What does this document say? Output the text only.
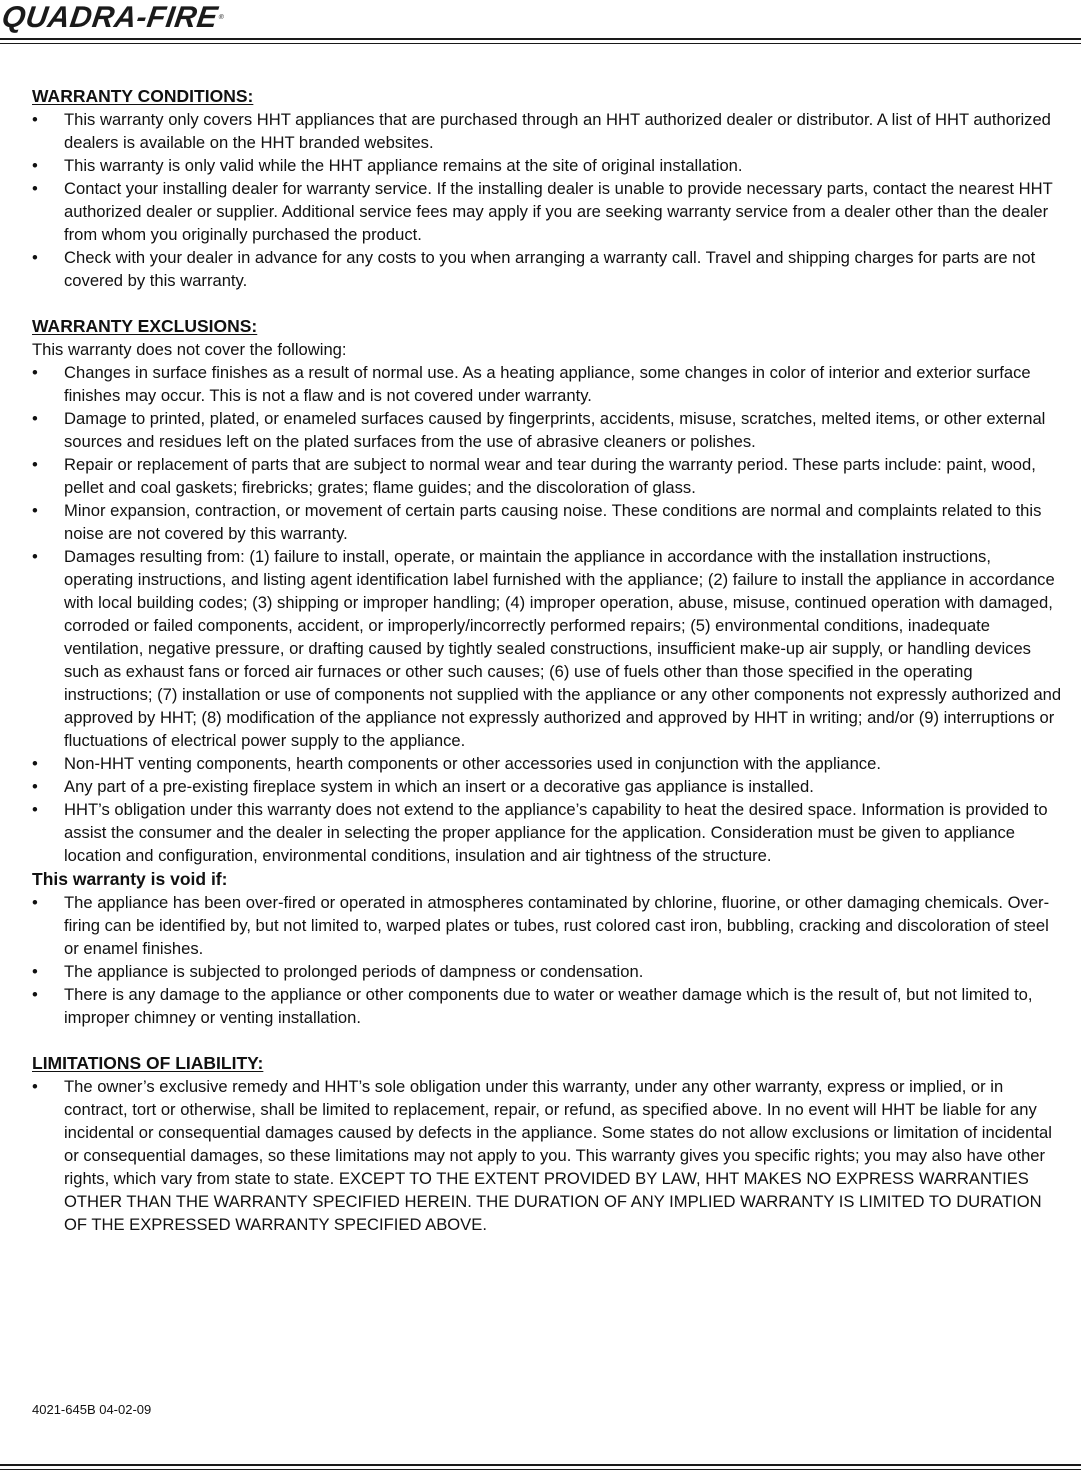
QUADRA-FIRE®
WARRANTY CONDITIONS:
• This warranty only covers HHT appliances that are purchased through an HHT authorized dealer or distributor. A list of HHT authorized dealers is available on the HHT branded websites.
• This warranty is only valid while the HHT appliance remains at the site of original installation.
• Contact your installing dealer for warranty service. If the installing dealer is unable to provide necessary parts, contact the nearest HHT authorized dealer or supplier. Additional service fees may apply if you are seeking warranty service from a dealer other than the dealer from whom you originally purchased the product.
• Check with your dealer in advance for any costs to you when arranging a warranty call. Travel and shipping charges for parts are not covered by this warranty.
WARRANTY EXCLUSIONS:

This warranty does not cover the following:

• Changes in surface finishes as a result of normal use. As a heating appliance, some changes in color of interior and exterior surface finishes may occur. This is not a flaw and is not covered under warranty.
• Damage to printed, plated, or enameled surfaces caused by fingerprints, accidents, misuse, scratches, melted items, or other external sources and residues left on the plated surfaces from the use of abrasive cleaners or polishes.
• Repair or replacement of parts that are subject to normal wear and tear during the warranty period. These parts include: paint, wood, pellet and coal gaskets; firebricks; grates; flame guides; and the discoloration of glass.
• Minor expansion, contraction, or movement of certain parts causing noise. These conditions are normal and complaints related to this noise are not covered by this warranty.
• Damages resulting from: (1) failure to install, operate, or maintain the appliance in accordance with the installation instructions, operating instructions, and listing agent identification label furnished with the appliance; (2) failure to install the appliance in accordance with local building codes; (3) shipping or improper handling; (4) improper operation, abuse, misuse, continued operation with damaged, corroded or failed components, accident, or improperly/incorrectly performed repairs; (5) environmental conditions, inadequate ventilation, negative pressure, or drafting caused by tightly sealed constructions, insufficient make-up air supply, or handling devices such as exhaust fans or forced air furnaces or other such causes; (6) use of fuels other than those specified in the operating instructions; (7) installation or use of components not supplied with the appliance or any other components not expressly authorized and approved by HHT; (8) modification of the appliance not expressly authorized and approved by HHT in writing; and/or (9) interruptions or fluctuations of electrical power supply to the appliance.
• Non-HHT venting components, hearth components or other accessories used in conjunction with the appliance.
• Any part of a pre-existing fireplace system in which an insert or a decorative gas appliance is installed.
• HHT’s obligation under this warranty does not extend to the appliance’s capability to heat the desired space. Information is provided to assist the consumer and the dealer in selecting the proper appliance for the application. Consideration must be given to appliance location and configuration, environmental conditions, insulation and air tightness of the structure.
This warranty is void if:
• The appliance has been over-fired or operated in atmospheres contaminated by chlorine, fluorine, or other damaging chemicals. Over-firing can be identified by, but not limited to, warped plates or tubes, rust colored cast iron, bubbling, cracking and discoloration of steel or enamel finishes.
• The appliance is subjected to prolonged periods of dampness or condensation.
• There is any damage to the appliance or other components due to water or weather damage which is the result of, but not limited to, improper chimney or venting installation.
LIMITATIONS OF LIABILITY:
• The owner’s exclusive remedy and HHT’s sole obligation under this warranty, under any other warranty, express or implied, or in contract, tort or otherwise, shall be limited to replacement, repair, or refund, as specified above. In no event will HHT be liable for any incidental or consequential damages caused by defects in the appliance. Some states do not allow exclusions or limitation of incidental or consequential damages, so these limitations may not apply to you. This warranty gives you specific rights; you may also have other rights, which vary from state to state. EXCEPT TO THE EXTENT PROVIDED BY LAW, HHT MAKES NO EXPRESS WARRANTIES OTHER THAN THE WARRANTY SPECIFIED HEREIN. THE DURATION OF ANY IMPLIED WARRANTY IS LIMITED TO DURATION OF THE EXPRESSED WARRANTY SPECIFIED ABOVE.
4021-645B 04-02-09
